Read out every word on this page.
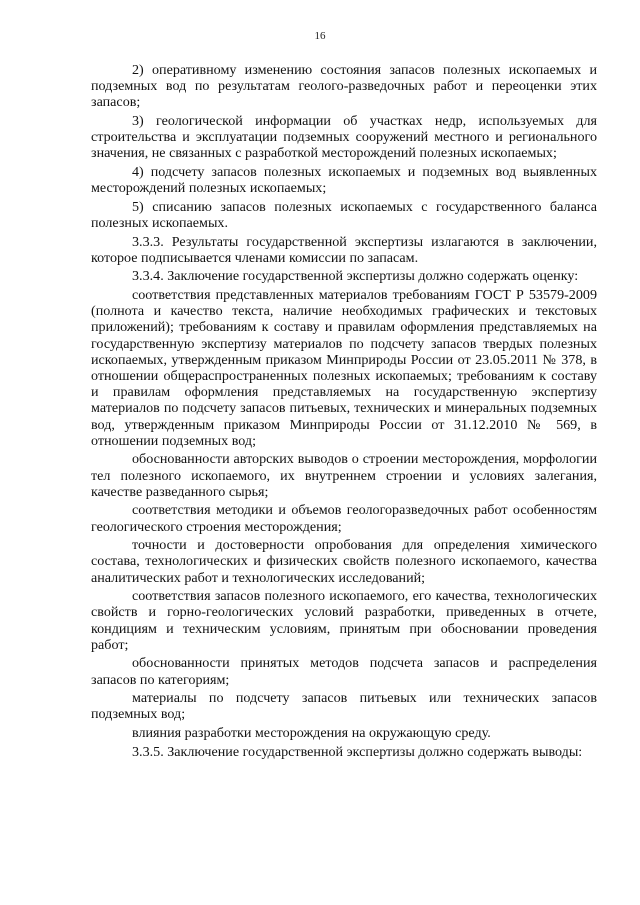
16

2) оперативному изменению состояния запасов полезных ископаемых и подземных вод по результатам геолого-разведочных работ и переоценки этих запасов;

3) геологической информации об участках недр, используемых для строительства и эксплуатации подземных сооружений местного и регионального значения, не связанных с разработкой месторождений полезных ископаемых;

4) подсчету запасов полезных ископаемых и подземных вод выявленных месторождений полезных ископаемых;

5) списанию запасов полезных ископаемых с государственного баланса полезных ископаемых.

3.3.3. Результаты государственной экспертизы излагаются в заключении, которое подписывается членами комиссии по запасам.

3.3.4. Заключение государственной экспертизы должно содержать оценку:

соответствия представленных материалов требованиям ГОСТ Р 53579-2009 (полнота и качество текста, наличие необходимых графических и текстовых приложений); требованиям к составу и правилам оформления представляемых на государственную экспертизу материалов по подсчету запасов твердых полезных ископаемых, утвержденным приказом Минприроды России от 23.05.2011 № 378, в отношении общераспространенных полезных ископаемых; требованиям к составу и правилам оформления представляемых на государственную экспертизу материалов по подсчету запасов питьевых, технических и минеральных подземных вод, утвержденным приказом Минприроды России от 31.12.2010 № 569, в отношении подземных вод;

обоснованности авторских выводов о строении месторождения, морфологии тел полезного ископаемого, их внутреннем строении и условиях залегания, качестве разведанного сырья;

соответствия методики и объемов геологоразведочных работ особенностям геологического строения месторождения;

точности и достоверности опробования для определения химического состава, технологических и физических свойств полезного ископаемого, качества аналитических работ и технологических исследований;

соответствия запасов полезного ископаемого, его качества, технологических свойств и горно-геологических условий разработки, приведенных в отчете, кондициям и техническим условиям, принятым при обосновании проведения работ;

обоснованности принятых методов подсчета запасов и распределения запасов по категориям;

материалы по подсчету запасов питьевых или технических запасов подземных вод;

влияния разработки месторождения на окружающую среду.

3.3.5. Заключение государственной экспертизы должно содержать выводы:
